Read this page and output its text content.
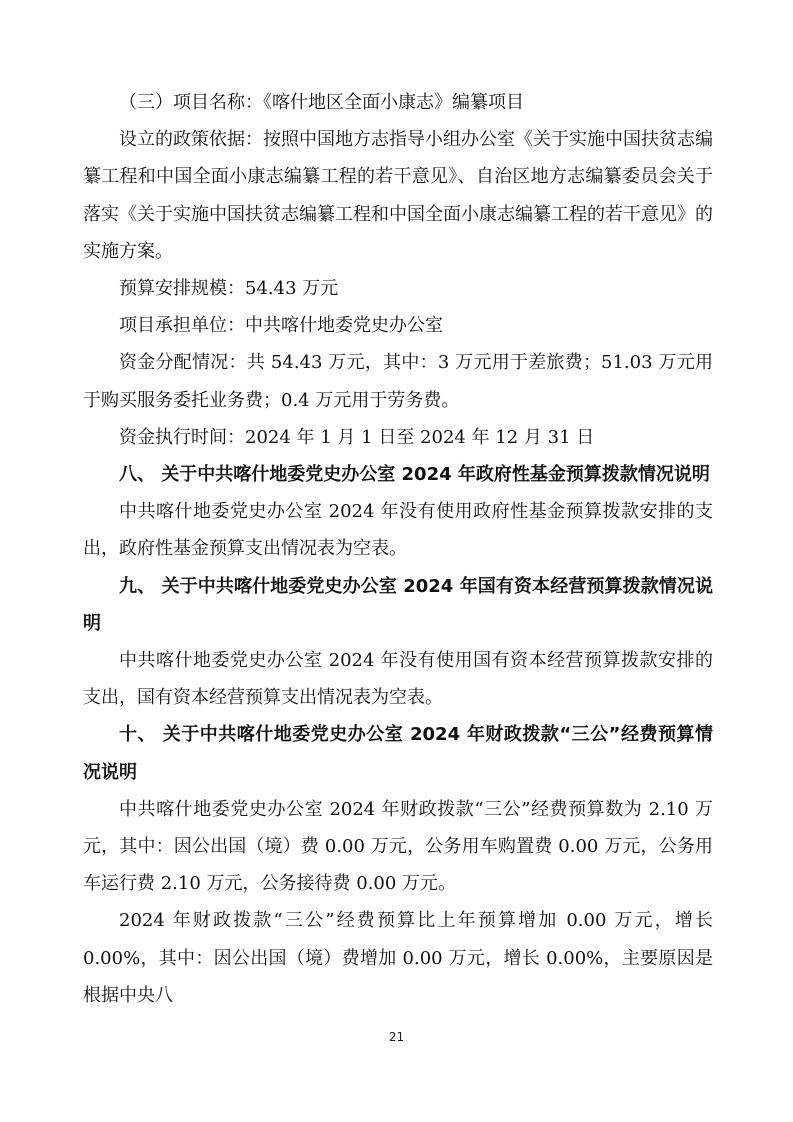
（三）项目名称：《喀什地区全面小康志》编纂项目

设立的政策依据：按照中国地方志指导小组办公室《关于实施中国扶贫志编纂工程和中国全面小康志编纂工程的若干意见》、自治区地方志编纂委员会关于落实《关于实施中国扶贫志编纂工程和中国全面小康志编纂工程的若干意见》的实施方案。

预算安排规模：54.43 万元

项目承担单位：中共喀什地委党史办公室

资金分配情况：共 54.43 万元，其中：3 万元用于差旅费；51.03 万元用于购买服务委托业务费；0.4 万元用于劳务费。

资金执行时间：2024 年 1 月 1 日至 2024 年 12 月 31 日

八、 关于中共喀什地委党史办公室 2024 年政府性基金预算拨款情况说明

中共喀什地委党史办公室 2024 年没有使用政府性基金预算拨款安排的支出，政府性基金预算支出情况表为空表。

九、 关于中共喀什地委党史办公室 2024 年国有资本经营预算拨款情况说明

中共喀什地委党史办公室 2024 年没有使用国有资本经营预算拨款安排的支出，国有资本经营预算支出情况表为空表。

十、 关于中共喀什地委党史办公室 2024 年财政拨款“三公”经费预算情况说明

中共喀什地委党史办公室 2024 年财政拨款“三公”经费预算数为 2.10 万元，其中：因公出国（境）费 0.00 万元，公务用车购置费 0.00 万元，公务用车运行费 2.10 万元，公务接待费 0.00 万元。

2024 年财政拨款“三公”经费预算比上年预算增加 0.00 万元，增长 0.00%，其中：因公出国（境）费增加 0.00 万元，增长 0.00%，主要原因是根据中央八

21
